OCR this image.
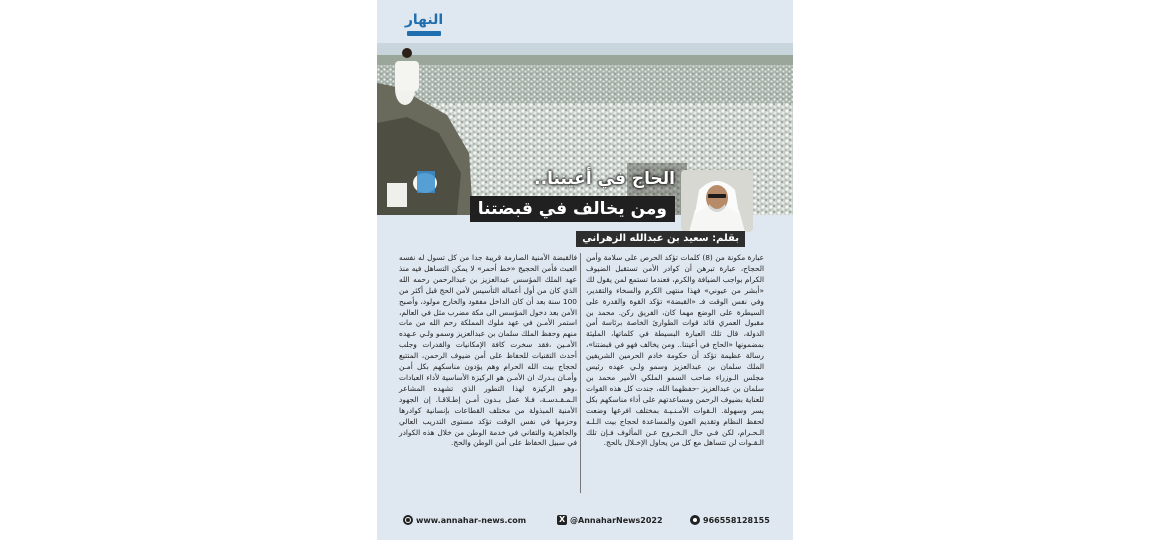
النهار
الحاج في أعيننا..
ومن يخالف في قبضتنا
بقلم: سعيد بن عبدالله الزهراني

عبارة مكونة من (8) كلمات تؤكد الحرص على سلامة وأمن الحجاج، عبارة تبرهن أن كوادر الأمن تستقبل الضيوف الكرام بواجب الضيافة والكرم، فعندما تستمع لمن يقول لك «أبشر من عيوني» فهذا منتهى الكرم والسخاء والتقدير، وفي نفس الوقت فـ «القبضة» تؤكد القوة والقدرة على السيطرة على الوضع مهما كان، الفريق ركن. محمد بن مقبول العمري قائد قوات الطوارئ الخاصة برئاسة أمن الدولة، قال تلك العبارة البسيطة في كلماتها، المليئة بمضمونها «الحاج في أعيننا.. ومن يخالف فهو في قبضتنا»، رسالة عظيمة تؤكد أن حكومة خادم الحرمين الشريفين الملك سلمان بن عبدالعزيز وسمو ولـي عهده رئيس مجلس الـوزراء صاحب السمو الملكي الأمير محمد بن سلمان بن عبدالعزيز -حفظهما الله، جندت كل هذه القوات للعناية بضيوف الرحمن ومساعدتهم على أداء مناسكهم بكل يسر وسهولة. الـقوات الأمـنـيـة بمختلف افرعها وضعت لحفظ النظام وتقديم العون والمساعدة لحجاج بيت الـلـه الـحـرام، لكن فـي حال الـخـروج عـن المألوف فـإن تلك الـقـوات لن تتساهل مع كل من يحاول الإخـلال بالحج.

فالقبضة الأمنية الصارمة قريبة جدا من كل تسول له نفسه العبث فأمن الحجيج «خط أحمر» لا يمكن التساهل فيه منذ عهد الملك المؤسس عبدالعزيز بن عبدالرحمن رحمه الله الذي كان من أول أعماله التأسيس لأمن الحج قبل أكثر من 100 سنة بعد أن كان الداخل مفقود والخارج مولود، وأصبح الأمن بعد دخول المؤسس الى مكة مضرب مثل في العالم، استمر الأمـن في عهد ملوك المملكة رحم الله من مات منهم وحفظ الملك سلمان بن عبدالعزيز وسمو ولـي عـهده الأمـين ،فقد سخرت كافة الإمكانيات والقدرات وجلب أحدث التقنيات للحفاظ على أمن ضيوف الرحمن، المتتبع لحجاج بيت الله الحرام وهم يؤدون مناسكهم بكل أمـن وأمـان يـدرك ان الأمـن هو الركيزة الأساسية لأداء العبادات ،وهو الركيزة لهذا التطور الذي تشهده المشاعر الـمـقـدسـة، فـلا عمل بـدون أمـن إطـلاقـا. إن الجهود الأمنية المبذولة من مختلف القطاعات بإنسانية كوادرها وحزمها في نفس الوقت تؤكد مستوى التدريب العالي والجاهزية والتفاني في خدمة الوطن من خلال هذه الكوادر في سبيل الحفاظ على أمن الوطن والحج.

www.annahar-news.com
X	@AnnaharNews2022	966558128155
